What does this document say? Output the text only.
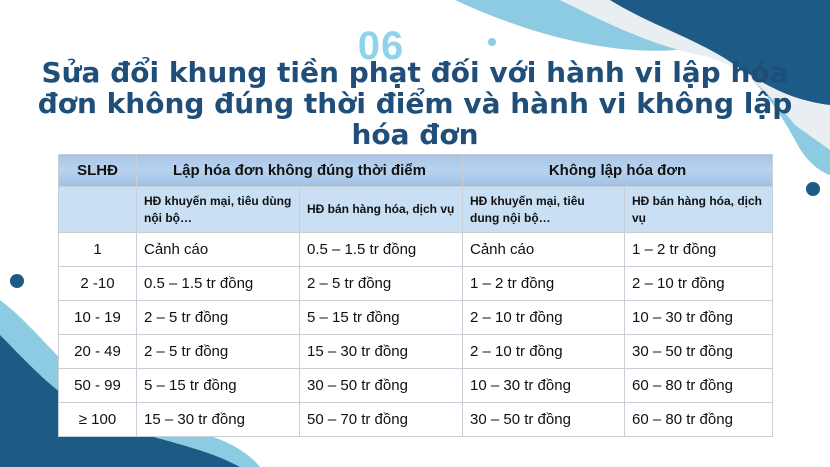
06
Sửa đổi khung tiền phạt đối với hành vi lập hóa đơn không đúng thời điểm và hành vi không lập hóa đơn
SLHĐ	Lập hóa đơn không đúng thời điểm		Không lập hóa đơn	
	HĐ khuyến mại, tiêu dùng nội bộ…	HĐ bán hàng hóa, dịch vụ	HĐ khuyến mại, tiêu dung nội bộ…	HĐ bán hàng hóa, dịch vụ
1	Cảnh cáo	0.5 – 1.5 tr đồng	Cảnh cáo	1 – 2 tr đồng
2 -10	0.5 – 1.5 tr đồng	2 – 5 tr đồng	1 – 2 tr đồng	2 – 10 tr đồng
10 - 19	2 – 5 tr đồng	5 – 15 tr đồng	2 – 10 tr đồng	10 – 30 tr đồng
20 - 49	2 – 5 tr đồng	15 – 30 tr đồng	2 – 10 tr đồng	30 – 50 tr đồng
50 - 99	5 – 15 tr đồng	30 – 50 tr đồng	10 – 30 tr đồng	60 – 80 tr đồng
≥ 100	15 – 30 tr đồng	50 – 70 tr đồng	30 – 50 tr đồng	60 – 80 tr đồng
